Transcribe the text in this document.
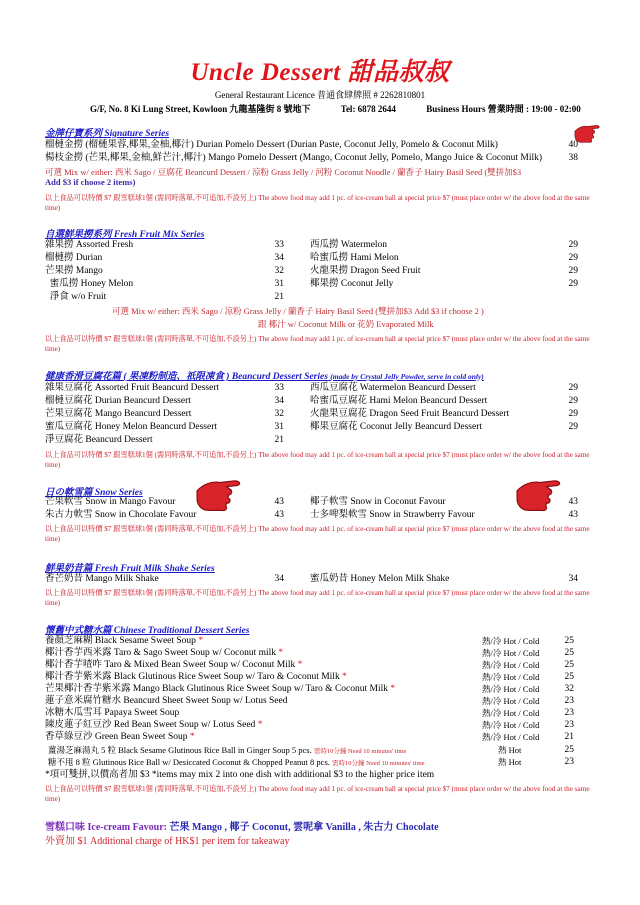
Uncle Dessert 甜品叔叔
General Restaurant Licence 普通食肆牌照 # 2262810801
G/F, No. 8 Ki Lung Street, Kowloon 九龍基隆街 8 號地下	Tel: 6878 2644	Business Hours 營業時間 : 19:00 - 02:00
金牌仔寶系列 Signature Series
榴槤金撈 (榴槤果蓉,椰果,金柚,椰汁) Durian Pomelo Dessert (Durian Paste, Coconut Jelly, Pomelo & Coconut Milk)	40
楊枝金撈 (芒果,椰果,金柚,鮮芒汁,椰汁) Mango Pomelo Dessert (Mango, Coconut Jelly, Pomelo, Mango Juice & Coconut Milk)	38
可選 Mix w/ either: 西米 Sago / 豆腐花 Beancurd Dessert / 涼粉 Grass Jelly / 河粉 Coconut Noodle / 蘭香子 Hairy Basil Seed (雙拼加$3
Add $3 if choose 2 items)
以上食品可以特價 $7 跟雪糕球1個 (需同時落單,不可追加,不設另上) The above food may add 1 pc. of ice-cream ball at special price $7 (must place order w/ the above food at the same time)
自選鮮果撈系列 Fresh Fruit Mix Series
雜果撈 Assorted Fresh	33
榴槤撈 Durian	34
芒果撈 Mango	32
蜜瓜撈 Honey Melon	31
淨食 w/o Fruit	21
西瓜撈 Watermelon	29
哈蜜瓜撈 Hami Melon	29
火龍果撈 Dragon Seed Fruit	29
椰果撈 Coconut Jelly	29
可選 Mix w/ either: 西米 Sago / 涼粉 Grass Jelly / 蘭香子 Hairy Basil Seed (雙拼加$3 Add $3 if choose 2 )
跟 椰汁 w/ Coconut Milk or 花奶 Evaporated Milk
以上食品可以特價 $7 跟雪糕球1個 (需同時落單,不可追加,不設另上) The above food may add 1 pc. of ice-cream ball at special price $7 (must place order w/ the above food at the same time)
健康香滑豆腐花篇 ( 果凍粉制造、祇限凍食 ) Beancurd Dessert Series (made by Crystal Jelly Powder, serve in cold only)
雜果豆腐花 Assorted Fruit Beancurd Dessert	33
榴槤豆腐花 Durian Beancurd Dessert	34
芒果豆腐花 Mango Beancurd Dessert	32
蜜瓜豆腐花 Honey Melon Beancurd Dessert	31
淨豆腐花 Beancurd Dessert	21
西瓜豆腐花 Watermelon Beancurd Dessert	29
哈蜜瓜豆腐花 Hami Melon Beancurd Dessert	29
火龍果豆腐花 Dragon Seed Fruit Beancurd Dessert	29
椰果豆腐花 Coconut Jelly Beancurd Dessert	29
以上食品可以特價 $7 跟雪糕球1個 (需同時落單,不可追加,不設另上) The above food may add 1 pc. of ice-cream ball at special price $7 (must place order w/ the above food at the same time)
日の軟雪篇 Snow Series
芒果軟雪 Snow in Mango Favour	43
朱古力軟雪 Snow in Chocolate Favour	43
椰子軟雪 Snow in Coconut Favour	43
士多啤梨軟雪 Snow in Strawberry Favour	43
以上食品可以特價 $7 跟雪糕球1個 (需同時落單,不可追加,不設另上) The above food may add 1 pc. of ice-cream ball at special price $7 (must place order w/ the above food at the same time)
鮮果奶昔篇 Fresh Fruit Milk Shake Series
香芒奶昔 Mango Milk Shake	34	蜜瓜奶昔 Honey Melon Milk Shake	34
以上食品可以特價 $7 跟雪糕球1個 (需同時落單,不可追加,不設另上) The above food may add 1 pc. of ice-cream ball at special price $7 (must place order w/ the above food at the same time)
懷舊中式糖水篇 Chinese Traditional Dessert Series
養顏芝麻糊 Black Sesame Sweet Soup *	熱/冷 Hot / Cold	25
椰汁香芋西米露 Taro & Sago Sweet Soup w/ Coconut milk *	熱/冷 Hot / Cold	25
椰汁香芋喳咋 Taro & Mixed Bean Sweet Soup w/ Coconut Milk *	熱/冷 Hot / Cold	25
椰汁香芋紫米露 Black Glutinous Rice Sweet Soup w/ Taro & Coconut Milk *	熱/冷 Hot / Cold	25
芒果椰汁香芋紫米露 Mango Black Glutinous Rice Sweet Soup w/ Taro & Coconut Milk *	熱/冷 Hot / Cold	32
蓮子意米腐竹糖水 Beancurd Sheet Sweet Soup w/ Lotus Seed	熱/冷 Hot / Cold	23
冰糖木瓜雪耳 Papaya Sweet Soup	熱/冷 Hot / Cold	23
陳皮蓮子紅豆沙 Red Bean Sweet Soup w/ Lotus Seed *	熱/冷 Hot / Cold	23
香草綠豆沙 Green Bean Sweet Soup *	熱/冷 Hot / Cold	21
薑湯芝麻湯丸 5 粒 Black Sesame Glutinous Rice Ball in Ginger Soup 5 pcs. 需時10分鐘 Need 10 minutes' time	熱 Hot	25
糖不甩 8 粒 Glutinous Rice Ball w/ Desiccated Coconut & Chopped Peanut 8 pcs. 需時10分鐘 Need 10 minutes' time	熱 Hot	23
*項可雙拼,以價高者加 $3 *items may mix 2 into one dish with additional $3 to the higher price item
以上食品可以特價 $7 跟雪糕球1個 (需同時落單,不可追加,不設另上) The above food may add 1 pc. of ice-cream ball at special price $7 (must place order w/ the above food at the same time)
雪糕口味 Ice-cream Favour: 芒果 Mango , 椰子 Coconut, 雲呢拿 Vanilla , 朱古力 Chocolate
外賣加 $1 Additional charge of HK$1 per item for takeaway
